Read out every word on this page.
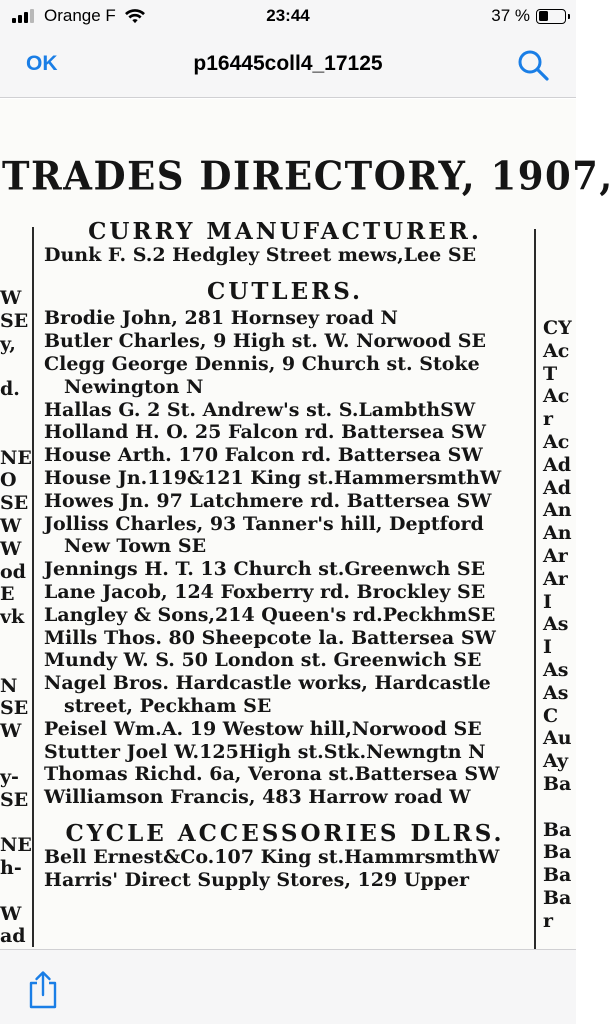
Orange F	23:44	37 %
OK	p16445coll4_17125
TRADES DIRECTORY, 1907,
W
SE
y,

d.

NE
O
SE
W
W
od
E
vk

N
SE
W

y-
SE

NE
h-

W
ad
CY
Ac
T
Ac
r
Ac
Ad
Ad
An
An
Ar
Ar
I
As
I
As
As
C
Au
Ay
Ba

Ba
Ba
Ba
Ba
r
CURRY MANUFACTURER.
Dunk F. S.2 Hedgley Street mews,Lee SE
CUTLERS.
Brodie John, 281 Hornsey road N
Butler Charles, 9 High st. W. Norwood SE
Clegg George Dennis, 9 Church st. Stoke
Newington N
Hallas G. 2 St. Andrew's st. S.LambthSW
Holland H. O. 25 Falcon rd. Battersea SW
House Arth. 170 Falcon rd. Battersea SW
House Jn.119&121 King st.HammersmthW
Howes Jn. 97 Latchmere rd. Battersea SW
Jolliss Charles, 93 Tanner's hill, Deptford
New Town SE
Jennings H. T. 13 Church st.Greenwch SE
Lane Jacob, 124 Foxberry rd. Brockley SE
Langley & Sons,214 Queen's rd.PeckhmSE
Mills Thos. 80 Sheepcote la. Battersea SW
Mundy W. S. 50 London st. Greenwich SE
Nagel Bros. Hardcastle works, Hardcastle
street, Peckham SE
Peisel Wm.A. 19 Westow hill,Norwood SE
Stutter Joel W.125High st.Stk.Newngtn N
Thomas Richd. 6a, Verona st.Battersea SW
Williamson Francis, 483 Harrow road W
CYCLE ACCESSORIES DLRS.
Bell Ernest&Co.107 King st.HammrsmthW
Harris' Direct Supply Stores, 129 Upper
